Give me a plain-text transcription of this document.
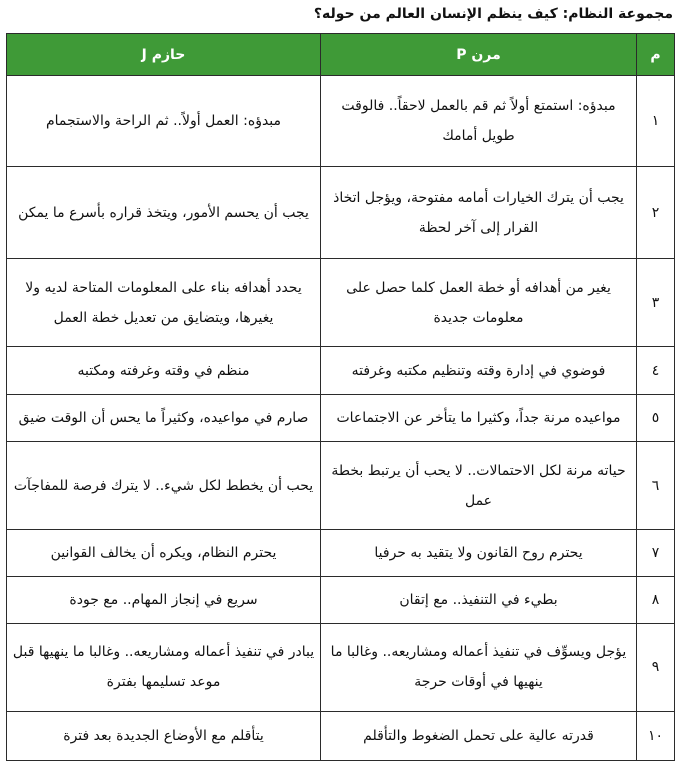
مجموعة النظام: كيف ينظم الإنسان العالم من حوله؟
م	مرن P	حازم J
١	مبدؤه: استمتع أولاً ثم قم بالعمل لاحقاً.. فالوقت طويل أمامك	مبدؤه: العمل أولاً.. ثم الراحة والاستجمام
٢	يجب أن يترك الخيارات أمامه مفتوحة، ويؤجل اتخاذ القرار إلى آخر لحظة	يجب أن يحسم الأمور، ويتخذ قراره بأسرع ما يمكن
٣	يغير من أهدافه أو خطة العمل كلما حصل على معلومات جديدة	يحدد أهدافه بناء على المعلومات المتاحة لديه ولا يغيرها، ويتضايق من تعديل خطة العمل
٤	فوضوي في إدارة وقته وتنظيم مكتبه وغرفته	منظم في وقته وغرفته ومكتبه
٥	مواعيده مرنة جداً، وكثيرا ما يتأخر عن الاجتماعات	صارم في مواعيده، وكثيراً ما يحس أن الوقت ضيق
٦	حياته مرنة لكل الاحتمالات.. لا يحب أن يرتبط بخطة عمل	يحب أن يخطط لكل شيء.. لا يترك فرصة للمفاجآت
٧	يحترم روح القانون ولا يتقيد به حرفيا	يحترم النظام، ويكره أن يخالف القوانين
٨	بطيء في التنفيذ.. مع إتقان	سريع في إنجاز المهام.. مع جودة
٩	يؤجل ويسوِّف في تنفيذ أعماله ومشاريعه.. وغالبا ما ينهيها في أوقات حرجة	يبادر في تنفيذ أعماله ومشاريعه.. وغالبا ما ينهيها قبل موعد تسليمها بفترة
١٠	قدرته عالية على تحمل الضغوط والتأقلم	يتأقلم مع الأوضاع الجديدة بعد فترة
